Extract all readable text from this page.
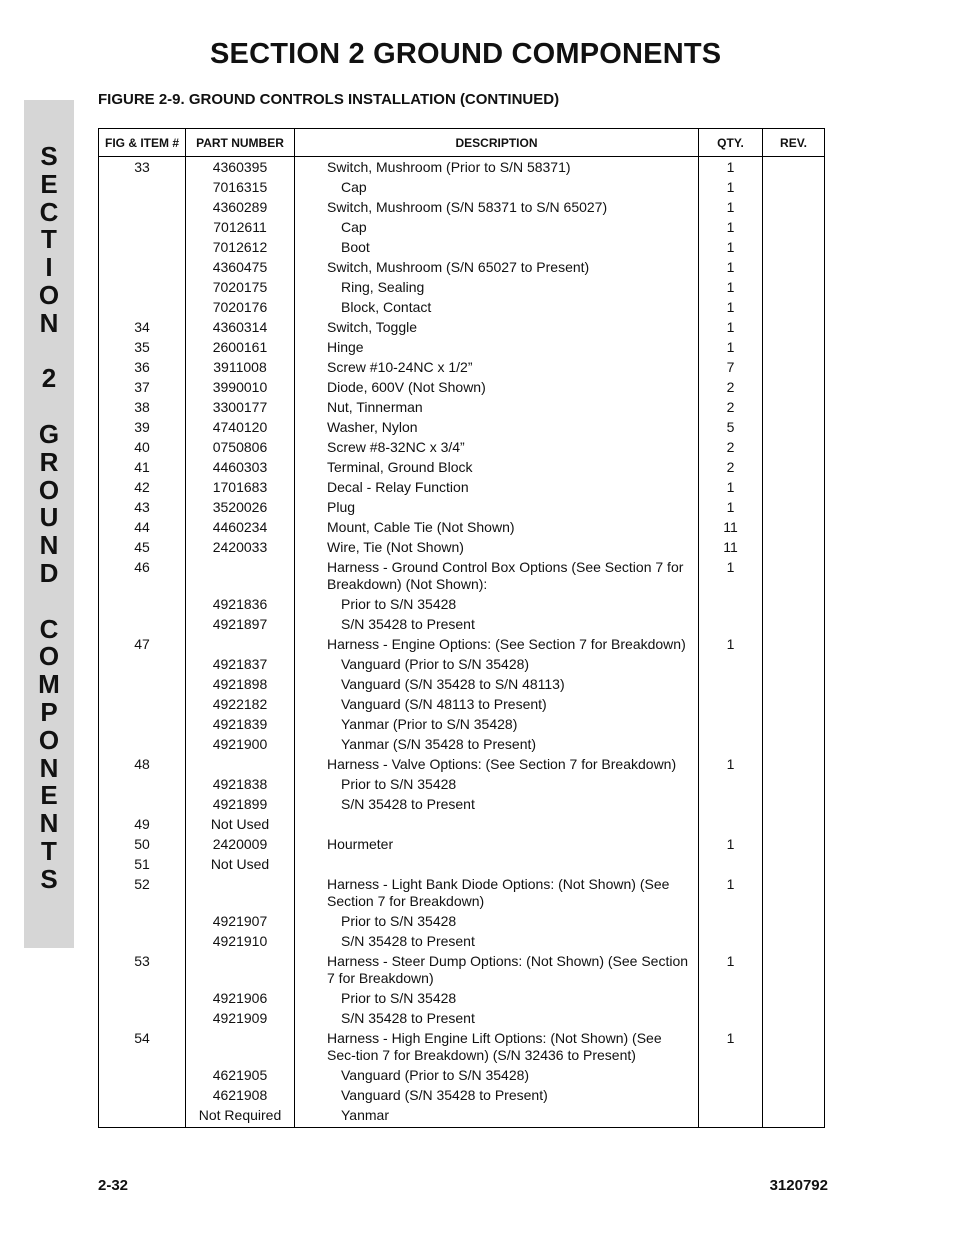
SECTION 2 GROUND COMPONENTS
FIGURE 2-9. GROUND CONTROLS INSTALLATION (CONTINUED)
S
E
C
T
I
O
N
2
G
R
O
U
N
D
C
O
M
P
O
N
E
N
T
S
FIG & ITEM #	PART NUMBER	DESCRIPTION	QTY.	REV.
33	4360395	Switch, Mushroom (Prior to S/N 58371)	1	
	7016315	Cap	1	
	4360289	Switch, Mushroom (S/N 58371 to S/N 65027)	1	
	7012611	Cap	1	
	7012612	Boot	1	
	4360475	Switch, Mushroom (S/N 65027 to Present)	1	
	7020175	Ring, Sealing	1	
	7020176	Block, Contact	1	
34	4360314	Switch, Toggle	1	
35	2600161	Hinge	1	
36	3911008	Screw #10-24NC x 1/2”	7	
37	3990010	Diode, 600V (Not Shown)	2	
38	3300177	Nut, Tinnerman	2	
39	4740120	Washer, Nylon	5	
40	0750806	Screw #8-32NC x 3/4”	2	
41	4460303	Terminal, Ground Block	2	
42	1701683	Decal - Relay Function	1	
43	3520026	Plug	1	
44	4460234	Mount, Cable Tie (Not Shown)	11	
45	2420033	Wire, Tie (Not Shown)	11	
46		Harness - Ground Control Box Options (See Section 7 for Breakdown) (Not Shown):	1	
	4921836	Prior to S/N 35428		
	4921897	S/N 35428 to Present		
47		Harness - Engine Options: (See Section 7 for Breakdown)	1	
	4921837	Vanguard (Prior to S/N 35428)		
	4921898	Vanguard (S/N 35428 to S/N 48113)		
	4922182	Vanguard (S/N 48113 to Present)		
	4921839	Yanmar (Prior to S/N 35428)		
	4921900	Yanmar (S/N 35428 to Present)		
48		Harness - Valve Options: (See Section 7 for Breakdown)	1	
	4921838	Prior to S/N 35428		
	4921899	S/N 35428 to Present		
49	Not Used			
50	2420009	Hourmeter	1	
51	Not Used			
52		Harness - Light Bank Diode Options: (Not Shown) (See Section 7 for Breakdown)	1	
	4921907	Prior to S/N 35428		
	4921910	S/N 35428 to Present		
53		Harness - Steer Dump Options: (Not Shown) (See Section 7 for Breakdown)	1	
	4921906	Prior to S/N 35428		
	4921909	S/N 35428 to Present		
54		Harness - High Engine Lift Options: (Not Shown) (See Sec-tion 7 for Breakdown) (S/N 32436 to Present)	1	
	4621905	Vanguard (Prior to S/N 35428)		
	4621908	Vanguard (S/N 35428 to Present)		
	Not Required	Yanmar		
2-32	3120792
